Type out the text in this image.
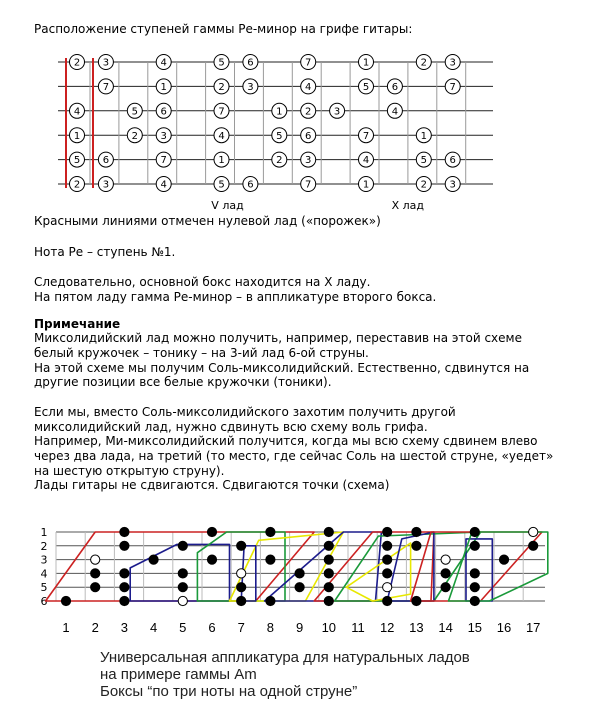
Расположение ступеней гаммы Ре-минор на грифе гитары:

2 3	4	5 6	7	1	2 3
7	1	2 3	4	5 6	7
4	5 6	7	1 2 3	4
1	2 3	4	5 6	7	1
5 6	7	1	2 3	4	5 6
2 3	4	5 6	7	1	2 3
V лад	X лад

Красными линиями отмечен нулевой лад («порожек»)

Нота Ре – ступень №1.

Следовательно, основной бокс находится на X ладу.

На пятом ладу гамма Ре-минор – в аппликатуре второго бокса.

Примечание

Миксолидийский лад можно получить, например, переставив на этой схеме

белый кружочек – тонику – на 3-ий лад 6-ой струны.

На этой схеме мы получим Соль-миксолидийский. Естественно, сдвинутся на

другие позиции все белые кружочки (тоники).

Если мы, вместо Соль-миксолидийского захотим получить другой

миксолидийский лад, нужно сдвинуть всю схему воль грифа.

Например, Ми-миксолидийский получится, когда мы всю схему сдвинем влево

через два лада, на третий (то место, где сейчас Соль на шестой струне, «уедет»

на шестую открытую струну).

Лады гитары не сдвигаются. Сдвигаются точки (схема)

1
2
3
4
5
6
1 2 3 4 5 6 7 8 9 10 11 12 13 14 15 16 17

Универсальная аппликатура для натуральных ладов

на примере гаммы Am

Боксы “по три ноты на одной струне”
